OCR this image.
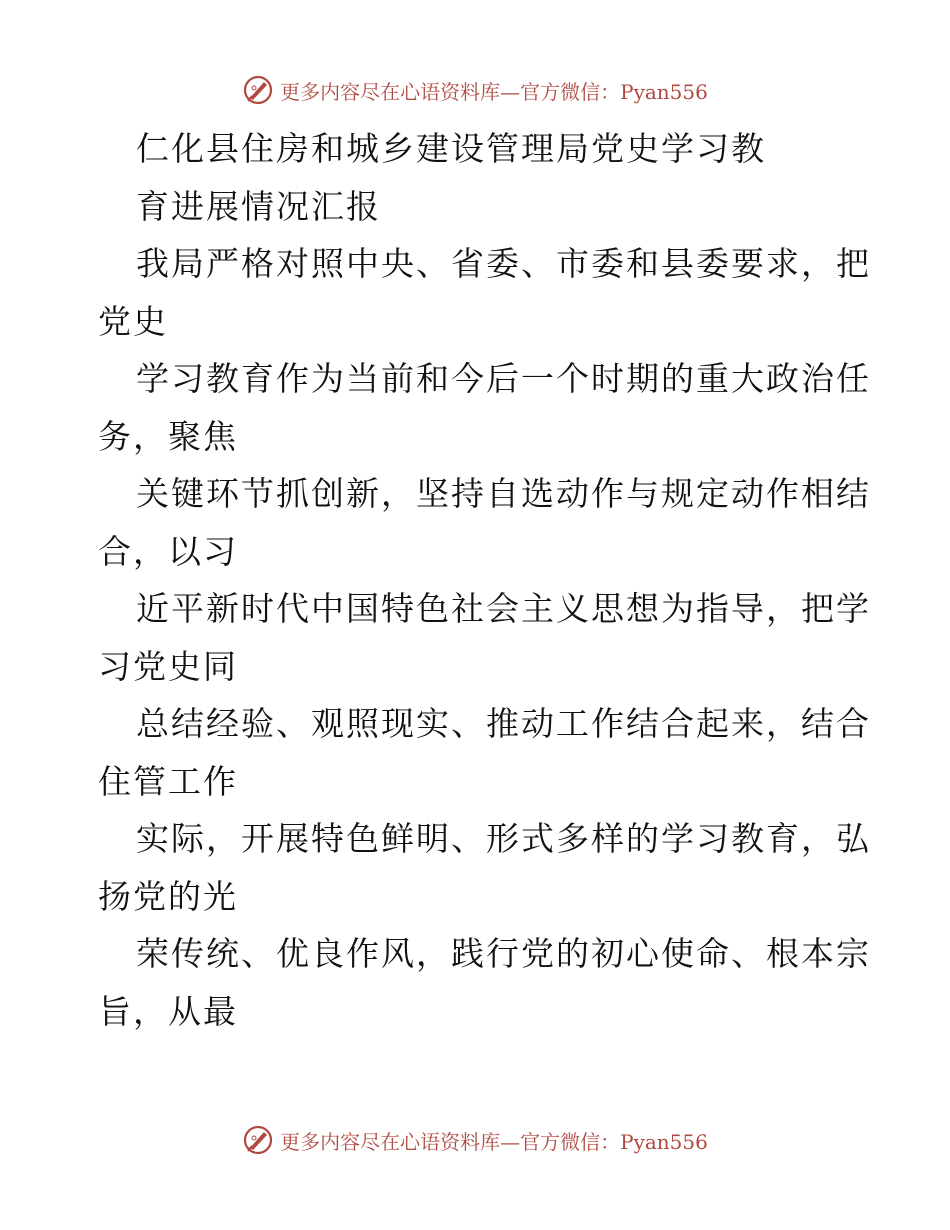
更多内容尽在心语资料库—官方微信：Pyan556
仁化县住房和城乡建设管理局党史学习教
育进展情况汇报
我局严格对照中央、省委、市委和县委要求，把
党史
学习教育作为当前和今后一个时期的重大政治任
务，聚焦
关键环节抓创新，坚持自选动作与规定动作相结
合，以习
近平新时代中国特色社会主义思想为指导，把学
习党史同
总结经验、观照现实、推动工作结合起来，结合
住管工作
实际，开展特色鲜明、形式多样的学习教育，弘
扬党的光
荣传统、优良作风，践行党的初心使命、根本宗
旨，从最
更多内容尽在心语资料库—官方微信：Pyan556
